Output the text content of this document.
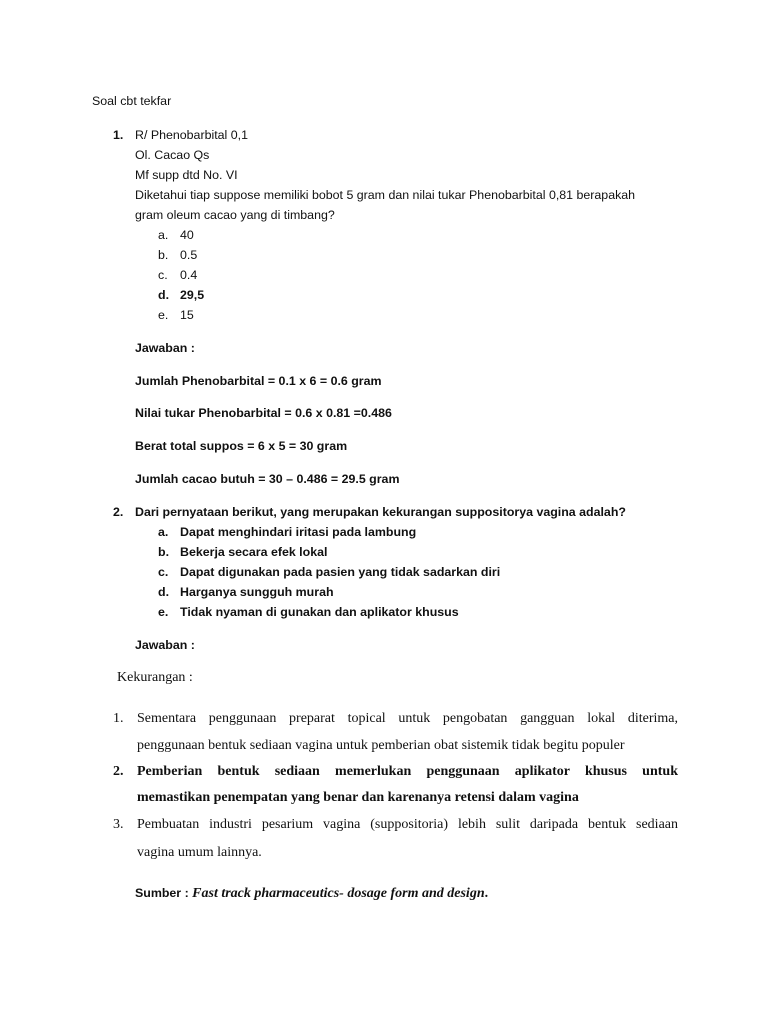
Soal cbt tekfar
1. R/ Phenobarbital 0,1
Ol. Cacao Qs
Mf supp dtd No. VI
Diketahui tiap suppose memiliki bobot 5 gram dan nilai tukar Phenobarbital 0,81 berapakah
gram oleum cacao yang di timbang?
a. 40
b. 0.5
c. 0.4
d. 29,5
e. 15
Jawaban :
Jumlah Phenobarbital = 0.1 x 6 = 0.6 gram
Nilai tukar Phenobarbital = 0.6 x 0.81 =0.486
Berat total suppos = 6 x 5 = 30 gram
Jumlah cacao butuh = 30 – 0.486 = 29.5 gram
2. Dari pernyataan berikut, yang merupakan kekurangan suppositorya vagina adalah?
a. Dapat menghindari iritasi pada lambung
b. Bekerja secara efek lokal
c. Dapat digunakan pada pasien yang tidak sadarkan diri
d. Harganya sungguh murah
e. Tidak nyaman di gunakan dan aplikator khusus
Jawaban :
Kekurangan :
1. Sementara penggunaan preparat topical untuk pengobatan gangguan lokal diterima,
penggunaan bentuk sediaan vagina untuk pemberian obat sistemik tidak begitu populer
2. Pemberian bentuk sediaan memerlukan penggunaan aplikator khusus untuk
memastikan penempatan yang benar dan karenanya retensi dalam vagina
3. Pembuatan industri pesarium vagina (suppositoria) lebih sulit daripada bentuk sediaan
vagina umum lainnya.
Sumber : Fast track pharmaceutics- dosage form and design.
